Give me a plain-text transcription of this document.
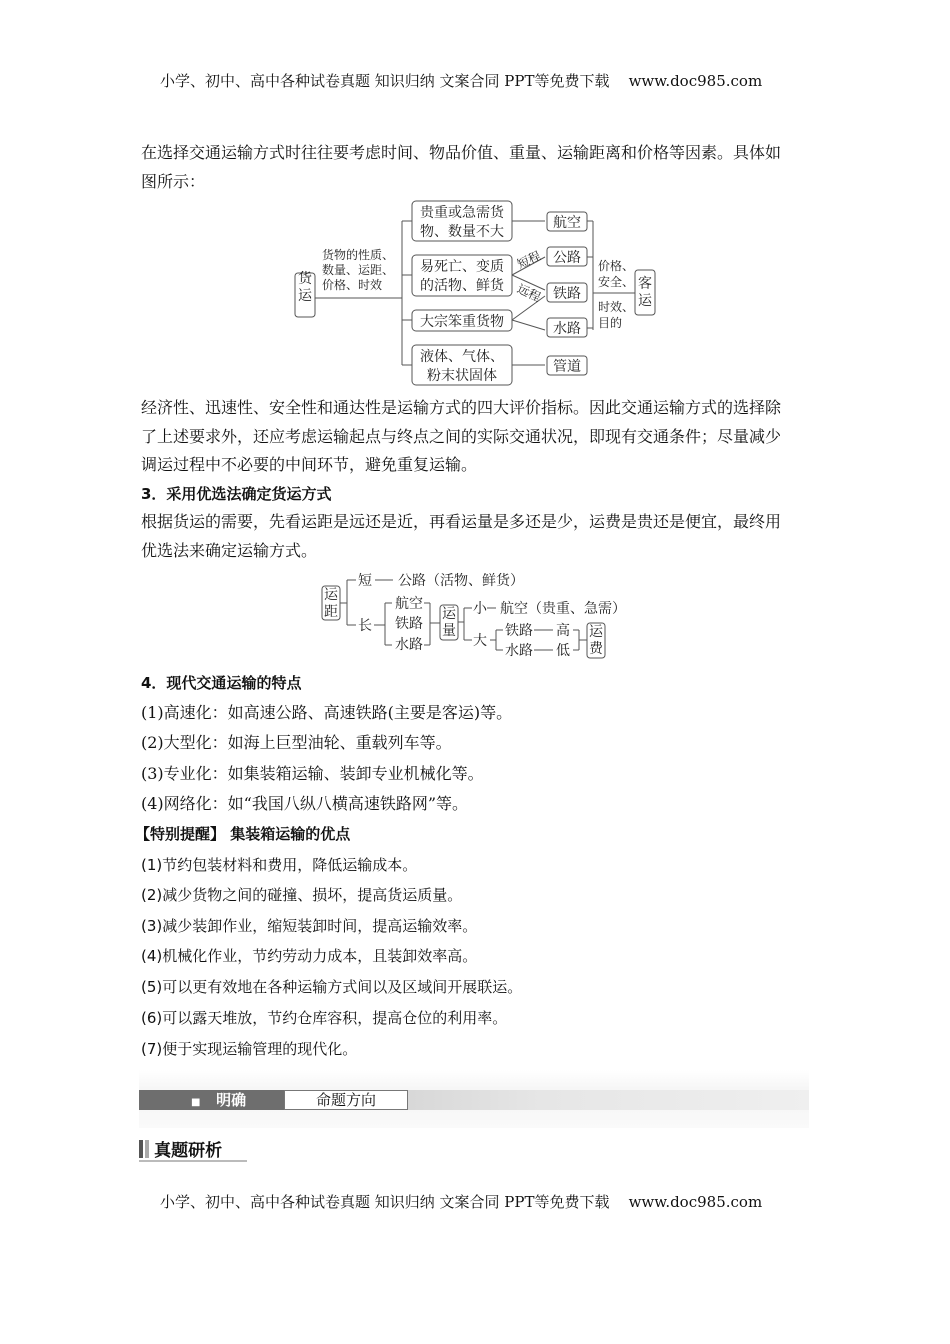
小学、初中、高中各种试卷真题 知识归纳 文案合同 PPT等免费下载 www.doc985.com
在选择交通运输方式时往往要考虑时间、物品价值、重量、运输距离和价格等因素。具体如
图所示：
货运
货物的性质、
数量、运距、
价格、时效
贵重或急需货
物、数量不大
易死亡、变质
的活物、鲜货
大宗笨重货物
液体、气体、
粉末状固体
航空
公路
铁路
水路
管道
短程
远程	客运
价格、
安全、
时效、
目的
经济性、迅速性、安全性和通达性是运输方式的四大评价指标。因此交通运输方式的选择除
了上述要求外，还应考虑运输起点与终点之间的实际交通状况，即现有交通条件；尽量减少
调运过程中不必要的中间环节，避免重复运输。
3．采用优选法确定货运方式
根据货运的需要，先看运距是远还是近，再看运量是多还是少，运费是贵还是便宜，最终用
优选法来确定运输方式。
运距
短 公路（活物、鲜货）
长
航空
铁路
水路
运量
小 航空（贵重、急需）
大
铁路
水路
高
低
运费
4．现代交通运输的特点
(1)高速化：如高速公路、高速铁路(主要是客运)等。
(2)大型化：如海上巨型油轮、重载列车等。
(3)专业化：如集装箱运输、装卸专业机械化等。
(4)网络化：如“我国八纵八横高速铁路网”等。
【特别提醒】 集装箱运输的优点
(1)节约包装材料和费用，降低运输成本。
(2)减少货物之间的碰撞、损坏，提高货运质量。
(3)减少装卸作业，缩短装卸时间，提高运输效率。
(4)机械化作业，节约劳动力成本，且装卸效率高。
(5)可以更有效地在各种运输方式间以及区域间开展联运。
(6)可以露天堆放，节约仓库容积，提高仓位的利用率。
(7)便于实现运输管理的现代化。
■ 明确	命题方向
真题研析
小学、初中、高中各种试卷真题 知识归纳 文案合同 PPT等免费下载 www.doc985.com
